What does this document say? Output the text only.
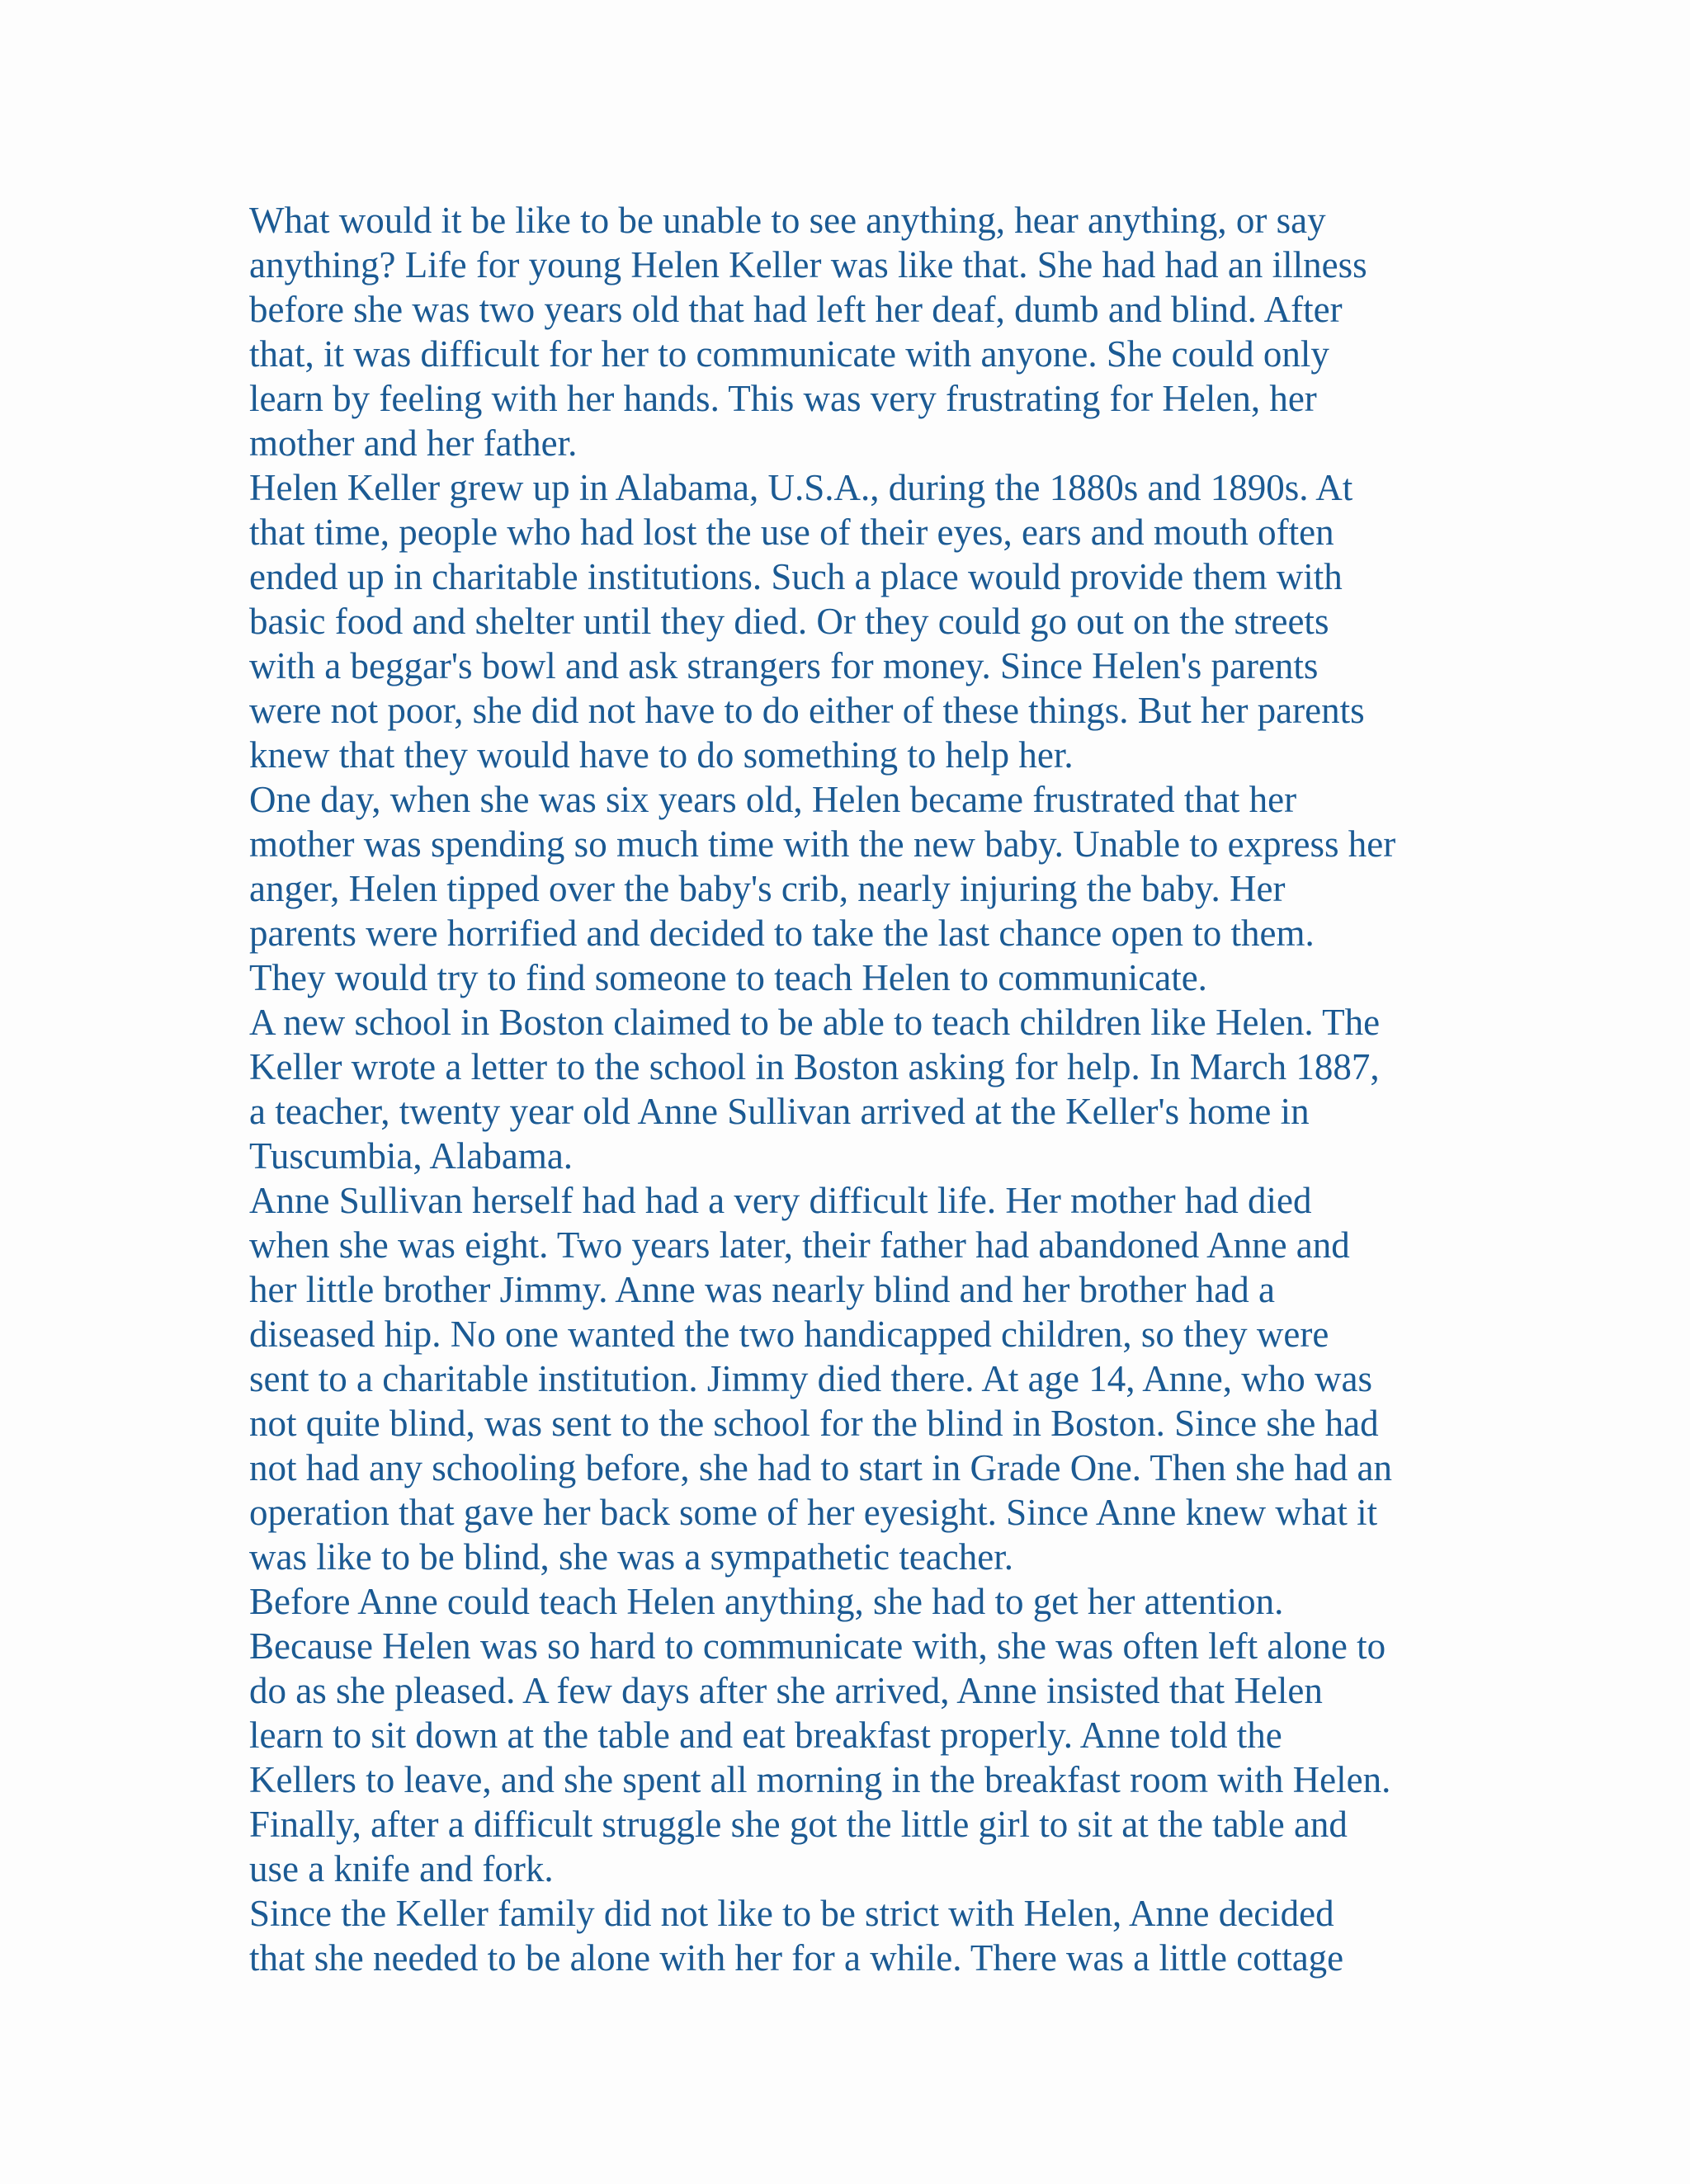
What would it be like to be unable to see anything, hear anything, or say
anything? Life for young Helen Keller was like that. She had had an illness
before she was two years old that had left her deaf, dumb and blind. After
that, it was difficult for her to communicate with anyone. She could only
learn by feeling with her hands. This was very frustrating for Helen, her
mother and her father.
Helen Keller grew up in Alabama, U.S.A., during the 1880s and 1890s. At
that time, people who had lost the use of their eyes, ears and mouth often
ended up in charitable institutions. Such a place would provide them with
basic food and shelter until they died. Or they could go out on the streets
with a beggar's bowl and ask strangers for money. Since Helen's parents
were not poor, she did not have to do either of these things. But her parents
knew that they would have to do something to help her.
One day, when she was six years old, Helen became frustrated that her
mother was spending so much time with the new baby. Unable to express her
anger, Helen tipped over the baby's crib, nearly injuring the baby. Her
parents were horrified and decided to take the last chance open to them.
They would try to find someone to teach Helen to communicate.
A new school in Boston claimed to be able to teach children like Helen. The
Keller wrote a letter to the school in Boston asking for help. In March 1887,
a teacher, twenty year old Anne Sullivan arrived at the Keller's home in
Tuscumbia, Alabama.
Anne Sullivan herself had had a very difficult life. Her mother had died
when she was eight. Two years later, their father had abandoned Anne and
her little brother Jimmy. Anne was nearly blind and her brother had a
diseased hip. No one wanted the two handicapped children, so they were
sent to a charitable institution. Jimmy died there. At age 14, Anne, who was
not quite blind, was sent to the school for the blind in Boston. Since she had
not had any schooling before, she had to start in Grade One. Then she had an
operation that gave her back some of her eyesight. Since Anne knew what it
was like to be blind, she was a sympathetic teacher.
Before Anne could teach Helen anything, she had to get her attention.
Because Helen was so hard to communicate with, she was often left alone to
do as she pleased. A few days after she arrived, Anne insisted that Helen
learn to sit down at the table and eat breakfast properly. Anne told the
Kellers to leave, and she spent all morning in the breakfast room with Helen.
Finally, after a difficult struggle she got the little girl to sit at the table and
use a knife and fork.
Since the Keller family did not like to be strict with Helen, Anne decided
that she needed to be alone with her for a while. There was a little cottage
